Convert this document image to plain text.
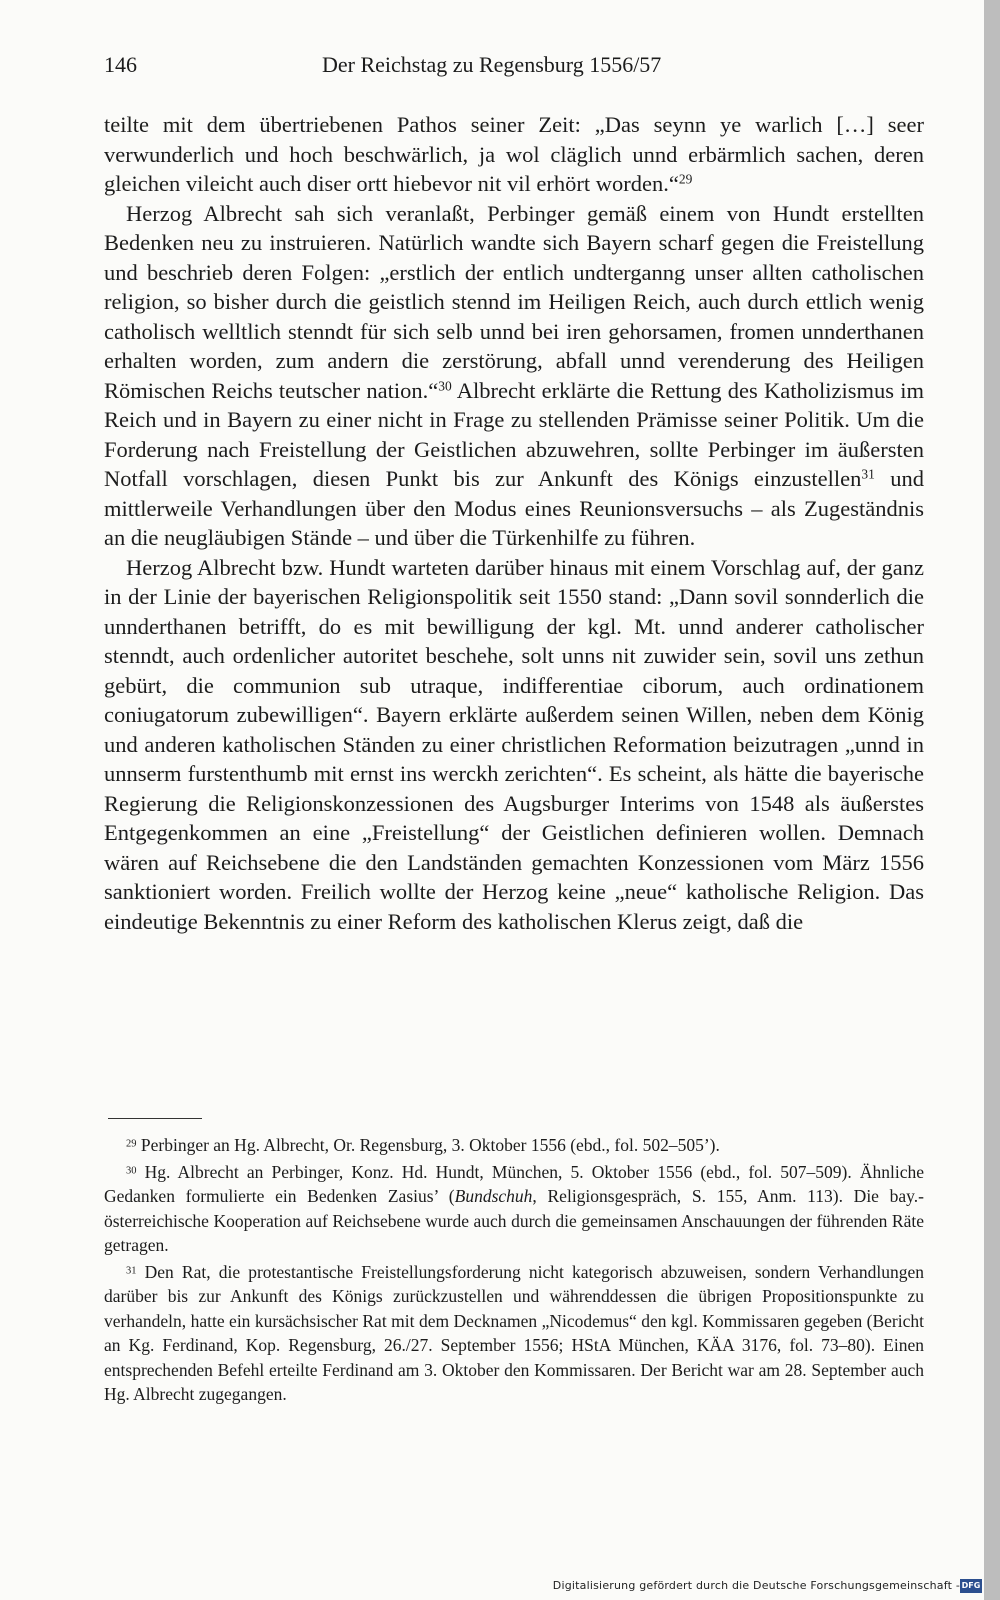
146	Der Reichstag zu Regensburg 1556/57

teilte mit dem übertriebenen Pathos seiner Zeit: „Das seynn ye warlich […] seer verwunderlich und hoch beschwärlich, ja wol cläglich unnd erbärmlich sachen, deren gleichen vileicht auch diser ortt hiebevor nit vil erhört worden.“$^{29}$

Herzog Albrecht sah sich veranlaßt, Perbinger gemäß einem von Hundt erstellten Bedenken neu zu instruieren. Natürlich wandte sich Bayern scharf gegen die Freistellung und beschrieb deren Folgen: „erstlich der entlich undterganng unser allten catholischen religion, so bisher durch die geistlich stennd im Heiligen Reich, auch durch ettlich wenig catholisch welltlich stenndt für sich selb unnd bei iren gehorsamen, fromen unnderthanen erhalten worden, zum andern die zerstörung, abfall unnd verenderung des Heiligen Römischen Reichs teutscher nation.“$^{30}$ Albrecht erklärte die Rettung des Katholizismus im Reich und in Bayern zu einer nicht in Frage zu stellenden Prämisse seiner Politik. Um die Forderung nach Freistellung der Geistlichen abzuwehren, sollte Perbinger im äußersten Notfall vorschlagen, diesen Punkt bis zur Ankunft des Königs einzustellen$^{31}$ und mittlerweile Verhandlungen über den Modus eines Reunionsversuchs – als Zugeständnis an die neugläubigen Stände – und über die Türkenhilfe zu führen.

Herzog Albrecht bzw. Hundt warteten darüber hinaus mit einem Vorschlag auf, der ganz in der Linie der bayerischen Religionspolitik seit 1550 stand: „Dann sovil sonnderlich die unnderthanen betrifft, do es mit bewilligung der kgl. Mt. unnd anderer catholischer stenndt, auch ordenlicher autoritet beschehe, solt unns nit zuwider sein, sovil uns zethun gebürt, die communion sub utraque, indifferentiae ciborum, auch ordinationem coniugatorum zubewilligen“. Bayern erklärte außerdem seinen Willen, neben dem König und anderen katholischen Ständen zu einer christlichen Reformation beizutragen „unnd in unnserm furstenthumb mit ernst ins werckh zerichten“. Es scheint, als hätte die bayerische Regierung die Religionskonzessionen des Augsburger Interims von 1548 als äußerstes Entgegenkommen an eine „Freistellung“ der Geistlichen definieren wollen. Demnach wären auf Reichsebene die den Landständen gemachten Konzessionen vom März 1556 sanktioniert worden. Freilich wollte der Herzog keine „neue“ katholische Religion. Das eindeutige Bekenntnis zu einer Reform des katholischen Klerus zeigt, daß die

$^{29}$ Perbinger an Hg. Albrecht, Or. Regensburg, 3. Oktober 1556 (ebd., fol. 502–505’).

$^{30}$ Hg. Albrecht an Perbinger, Konz. Hd. Hundt, München, 5. Oktober 1556 (ebd., fol. 507–509). Ähnliche Gedanken formulierte ein Bedenken Zasius’ (Bundschuh, Religionsgespräch, S. 155, Anm. 113). Die bay.-österreichische Kooperation auf Reichsebene wurde auch durch die gemeinsamen Anschauungen der führenden Räte getragen.

$^{31}$ Den Rat, die protestantische Freistellungsforderung nicht kategorisch abzuweisen, sondern Verhandlungen darüber bis zur Ankunft des Königs zurückzustellen und währenddessen die übrigen Propositionspunkte zu verhandeln, hatte ein kursächsischer Rat mit dem Decknamen „Nicodemus“ den kgl. Kommissaren gegeben (Bericht an Kg. Ferdinand, Kop. Regensburg, 26./27. September 1556; HStA München, KÄA 3176, fol. 73–80). Einen entsprechenden Befehl erteilte Ferdinand am 3. Oktober den Kommissaren. Der Bericht war am 28. September auch Hg. Albrecht zugegangen.

Digitalisierung gefördert durch die Deutsche Forschungsgemeinschaft - DFG
